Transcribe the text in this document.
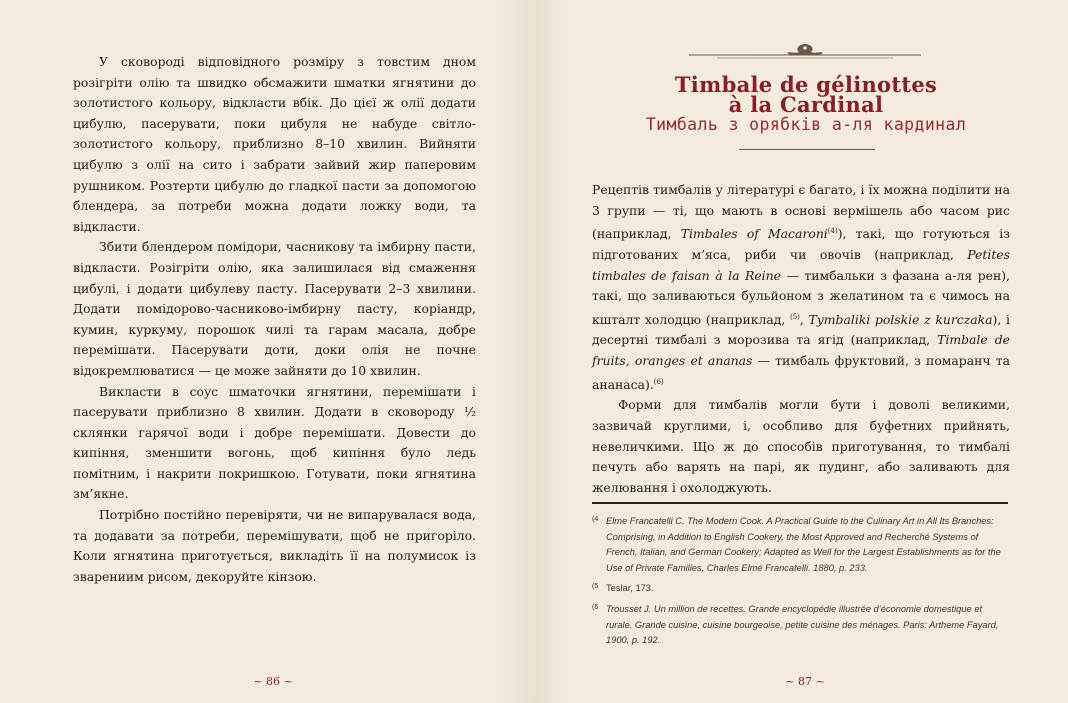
У сковороді відповідного розміру з товстим дном розігріти олію та швидко обсмажити шматки ягнятини до золотистого кольору, відкласти вбік. До цієї ж олії додати цибулю, пасерувати, поки цибуля не набуде світло-золотистого кольору, приблизно 8–10 хвилин. Вийняти цибулю з олії на сито і забрати зайвий жир паперовим рушником. Розтерти цибулю до гладкої пасти за допомогою блендера, за потреби можна додати ложку води, та відкласти.

Збити блендером помідори, часникову та імбирну пасти, відкласти. Розігріти олію, яка залишилася від смаження цибулі, і додати цибулеву пасту. Пасерувати 2–3 хвилини. Додати помідорово-часниково-імбирну пасту, коріандр, кумин, куркуму, порошок чилі та гарам масала, добре перемішати. Пасерувати доти, доки олія не почне відокремлюватися — це може зайняти до 10 хвилин.

Викласти в соус шматочки ягнятини, перемішати і пасерувати приблизно 8 хвилин. Додати в сковороду ½ склянки гарячої води і добре перемішати. Довести до кипіння, зменшити вогонь, щоб кипіння було ледь помітним, і накрити покришкою. Готувати, поки ягнятина зм’якне.

Потрібно постійно перевіряти, чи не випарувалася вода, та додавати за потреби, перемішувати, щоб не пригоріло. Коли ягнятина приготується, викладіть її на полумисок із зварениим рисом, декоруйте кінзою.

~ 86 ~
Timbale de gélinottes
à la Cardinal
Тимбаль з орябків а-ля кардинал

Рецептів тимбалів у літературі є багато, і їх можна поділити на 3 групи — ті, що мають в основі вермішель або часом рис (наприклад, Timbales of Macaroni$^{(4)}$), такі, що готуються із підготованих м’яса, риби чи овочів (наприклад, Petites timbales de faisan à la Reine — тимбальки з фазана а-ля рен), такі, що заливаються бульйоном з желатином та є чимось на кшталт холодцю (наприклад, $^{(5)}$, Tymbaliki polskie z kurczaka), і десертні тимбалі з морозива та ягід (наприклад, Timbale de fruits, oranges et ananas — тимбаль фруктовий, з помаранч та ананаса).$^{(6)}$

Форми для тимбалів могли бути і доволі великими, зазвичай круглими, і, особливо для буфетних прийнять, невеличкими. Що ж до способів приготування, то тимбалі печуть або варять на парі, як пудинг, або заливають для желювання і охолоджують.

(4 Elme Francatelli C. The Modern Cook. A Practical Guide to the Culinary Art in All Its Branches: Comprising, in Addition to English Cookery, the Most Approved and Recherché Systems of French, Italian, and German Cookery; Adapted as Well for the Largest Establishments as for the Use of Private Families, Charles Elmé Francatelli. 1880, p. 233.
(5 Teslar, 173.
(6 Trousset J. Un million de recettes. Grande encyclopédie illustrée d’économie domestique et rurale. Grande cuisine, cuisine bourgeoise, petite cuisine des ménages. Paris: Artheme Fayard, 1900, p. 192.
~ 87 ~
